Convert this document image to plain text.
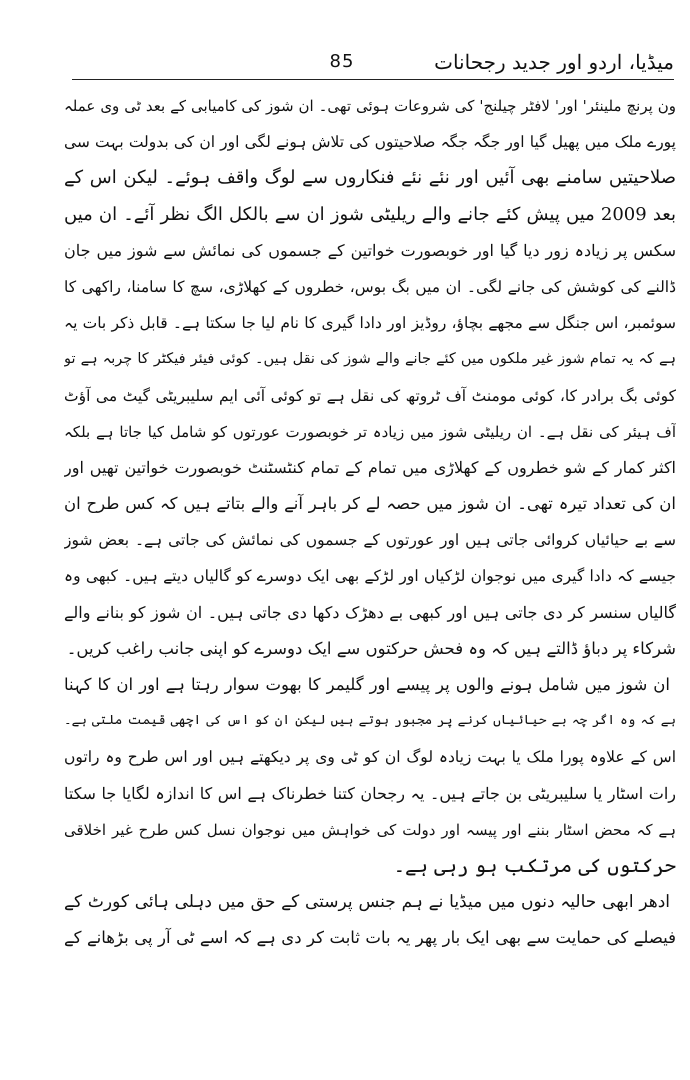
85	میڈیا، اردو اور جدید رجحانات
ون پرنچ ملینئر' اور' لافٹر چیلنج' کی شروعات ہوئی تھی۔ ان شوز کی کامیابی کے بعد ٹی وی عملہ
پورے ملک میں پھیل گیا اور جگہ جگہ صلاحیتوں کی تلاش ہونے لگی اور ان کی بدولت بہت سی
صلاحیتیں سامنے بھی آئیں اور نئے نئے فنکاروں سے لوگ واقف ہوئے۔ لیکن اس کے
بعد 2009 میں پیش کئے جانے والے ریلیٹی شوز ان سے بالکل الگ نظر آئے۔ ان میں
سکس پر زیادہ زور دیا گیا اور خوبصورت خواتین کے جسموں کی نمائش سے شوز میں جان
ڈالنے کی کوشش کی جانے لگی۔ ان میں بگ بوس، خطروں کے کھلاڑی، سچ کا سامنا، راکھی کا
سوئمبر، اس جنگل سے مجھے بچاؤ، روڈیز اور دادا گیری کا نام لیا جا سکتا ہے۔ قابل ذکر بات یہ
ہے کہ یہ تمام شوز غیر ملکوں میں کئے جانے والے شوز کی نقل ہیں۔ کوئی فیئر فیکٹر کا چربہ ہے تو
کوئی بگ برادر کا، کوئی مومنٹ آف ٹروتھ کی نقل ہے تو کوئی آئی ایم سلیبریٹی گیٹ می آؤٹ
آف ہیئر کی نقل ہے۔ ان ریلیٹی شوز میں زیادہ تر خوبصورت عورتوں کو شامل کیا جاتا ہے بلکہ
اکثر کمار کے شو خطروں کے کھلاڑی میں تمام کے تمام کنٹسٹنٹ خوبصورت خواتین تھیں اور
ان کی تعداد تیرہ تھی۔ ان شوز میں حصہ لے کر باہر آنے والے بتاتے ہیں کہ کس طرح ان
سے بے حیائیاں کروائی جاتی ہیں اور عورتوں کے جسموں کی نمائش کی جاتی ہے۔ بعض شوز
جیسے کہ دادا گیری میں نوجوان لڑکیاں اور لڑکے بھی ایک دوسرے کو گالیاں دیتے ہیں۔ کبھی وہ
گالیاں سنسر کر دی جاتی ہیں اور کبھی بے دھڑک دکھا دی جاتی ہیں۔ ان شوز کو بنانے والے
شرکاء پر دباؤ ڈالتے ہیں کہ وہ فحش حرکتوں سے ایک دوسرے کو اپنی جانب راغب کریں۔
ان شوز میں شامل ہونے والوں پر پیسے اور گلیمر کا بھوت سوار رہتا ہے اور ان کا کہنا
ہے کہ وہ اگر چہ بے حیائیاں کرنے پر مجبور ہوتے ہیں لیکن ان کو اس کی اچھی قیمت ملتی ہے۔
اس کے علاوہ پورا ملک یا بہت زیادہ لوگ ان کو ٹی وی پر دیکھتے ہیں اور اس طرح وہ راتوں
رات اسٹار یا سلیبریٹی بن جاتے ہیں۔ یہ رجحان کتنا خطرناک ہے اس کا اندازہ لگایا جا سکتا
ہے کہ محض اسٹار بننے اور پیسہ اور دولت کی خواہش میں نوجوان نسل کس طرح غیر اخلاقی
حرکتوں کی مرتکب ہو رہی ہے۔
ادھر ابھی حالیہ دنوں میں میڈیا نے ہم جنس پرستی کے حق میں دہلی ہائی کورٹ کے
فیصلے کی حمایت سے بھی ایک بار پھر یہ بات ثابت کر دی ہے کہ اسے ٹی آر پی بڑھانے کے
